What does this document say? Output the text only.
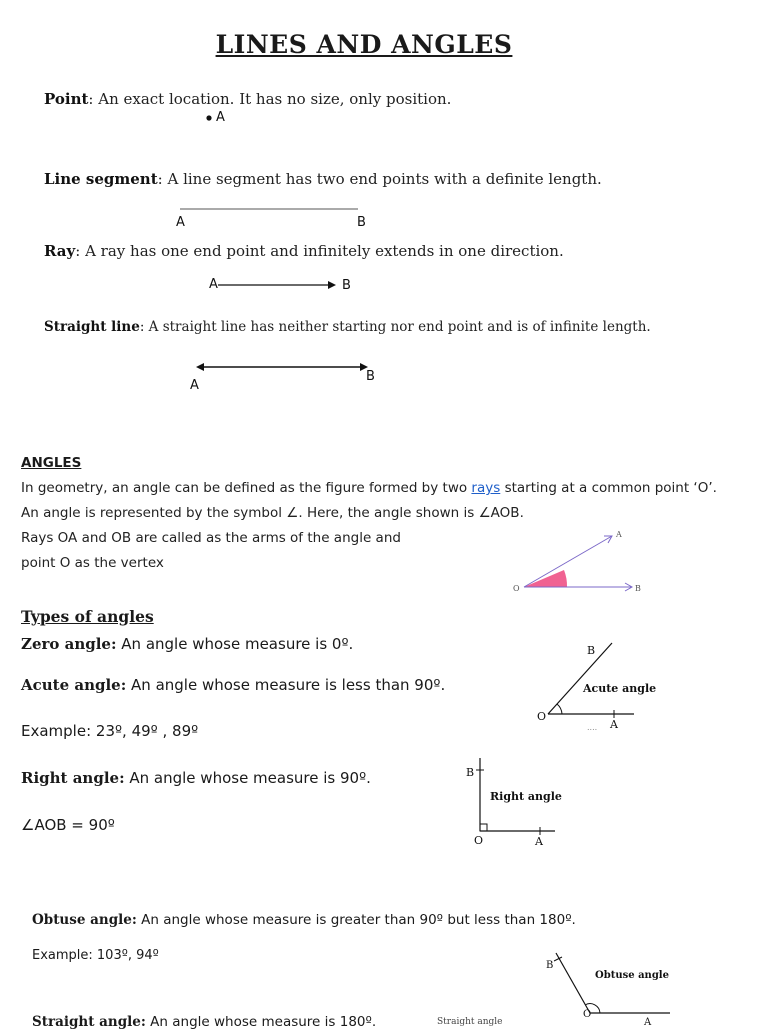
LINES AND ANGLES
Point: An exact location. It has no size, only position.
A
Line segment: A line segment has two end points with a definite length.
A	B
Ray: A ray has one end point and infinitely extends in one direction.
A	B
Straight line: A straight line has neither starting nor end point and is of infinite length.
A
B
ANGLES
In geometry, an angle can be defined as the figure formed by two rays starting at a common point ‘O’.
An angle is represented by the symbol ∠. Here, the angle shown is ∠AOB.
Rays OA and OB are called as the arms of the angle and
point O as the vertex
O
A
B
Types of angles
Zero angle: An angle whose measure is 0º.
Acute angle: An angle whose measure is less than 90º.
Example: 23º, 49º , 89º
B
Acute angle
O
A
....
Right angle: An angle whose measure is 90º.
∠AOB = 90º
B
Right angle
O	A
Obtuse angle: An angle whose measure is greater than 90º but less than 180º.
Example: 103º, 94º
B
Obtuse angle
O
A
Straight angle: An angle whose measure is 180º.	Straight angle
